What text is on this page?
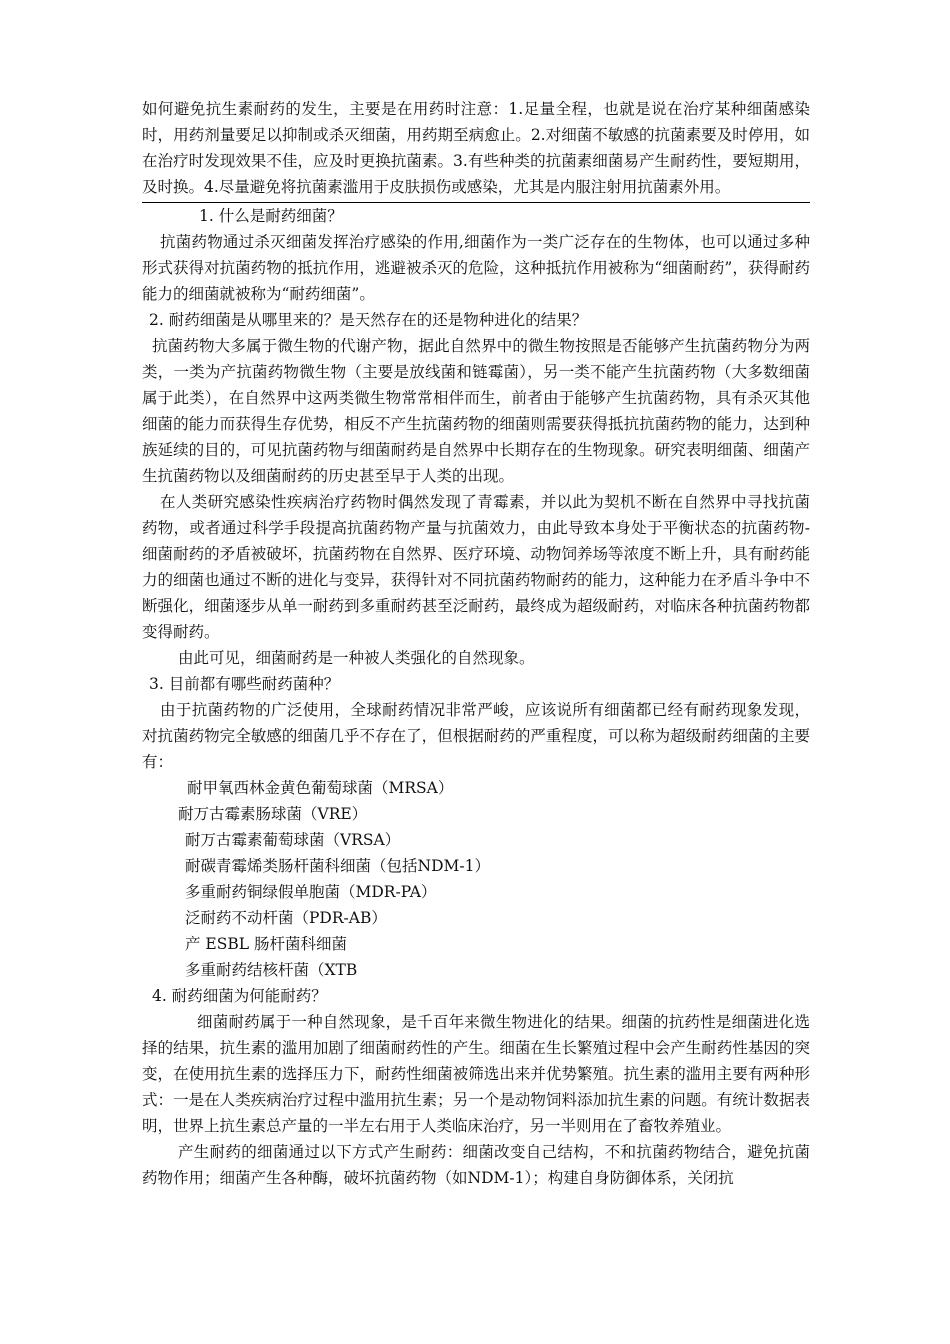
如何避免抗生素耐药的发生，主要是在用药时注意：1.足量全程，也就是说在治疗某种细菌感染时，用药剂量要足以抑制或杀灭细菌，用药期至病愈止。2.对细菌不敏感的抗菌素要及时停用，如在治疗时发现效果不佳，应及时更换抗菌素。3.有些种类的抗菌素细菌易产生耐药性，要短期用，及时换。4.尽量避免将抗菌素滥用于皮肤损伤或感染，尤其是内服注射用抗菌素外用。

1. 什么是耐药细菌？

抗菌药物通过杀灭细菌发挥治疗感染的作用,细菌作为一类广泛存在的生物体，也可以通过多种形式获得对抗菌药物的抵抗作用，逃避被杀灭的危险，这种抵抗作用被称为“细菌耐药”，获得耐药能力的细菌就被称为“耐药细菌”。

2. 耐药细菌是从哪里来的？是天然存在的还是物种进化的结果？

抗菌药物大多属于微生物的代谢产物，据此自然界中的微生物按照是否能够产生抗菌药物分为两类，一类为产抗菌药物微生物（主要是放线菌和链霉菌），另一类不能产生抗菌药物（大多数细菌属于此类），在自然界中这两类微生物常常相伴而生，前者由于能够产生抗菌药物，具有杀灭其他细菌的能力而获得生存优势，相反不产生抗菌药物的细菌则需要获得抵抗抗菌药物的能力，达到种族延续的目的，可见抗菌药物与细菌耐药是自然界中长期存在的生物现象。研究表明细菌、细菌产生抗菌药物以及细菌耐药的历史甚至早于人类的出现。

在人类研究感染性疾病治疗药物时偶然发现了青霉素，并以此为契机不断在自然界中寻找抗菌药物，或者通过科学手段提高抗菌药物产量与抗菌效力，由此导致本身处于平衡状态的抗菌药物-细菌耐药的矛盾被破坏，抗菌药物在自然界、医疗环境、动物饲养场等浓度不断上升，具有耐药能力的细菌也通过不断的进化与变异，获得针对不同抗菌药物耐药的能力，这种能力在矛盾斗争中不断强化，细菌逐步从单一耐药到多重耐药甚至泛耐药，最终成为超级耐药，对临床各种抗菌药物都变得耐药。

由此可见，细菌耐药是一种被人类强化的自然现象。

3. 目前都有哪些耐药菌种？

由于抗菌药物的广泛使用，全球耐药情况非常严峻，应该说所有细菌都已经有耐药现象发现，对抗菌药物完全敏感的细菌几乎不存在了，但根据耐药的严重程度，可以称为超级耐药细菌的主要有：

耐甲氧西林金黄色葡萄球菌（MRSA）

耐万古霉素肠球菌（VRE）

耐万古霉素葡萄球菌（VRSA）

耐碳青霉烯类肠杆菌科细菌（包括NDM-1）

多重耐药铜绿假单胞菌（MDR-PA）

泛耐药不动杆菌（PDR-AB）

产 ESBL 肠杆菌科细菌

多重耐药结核杆菌（XTB

4. 耐药细菌为何能耐药？

细菌耐药属于一种自然现象，是千百年来微生物进化的结果。细菌的抗药性是细菌进化选择的结果，抗生素的滥用加剧了细菌耐药性的产生。细菌在生长繁殖过程中会产生耐药性基因的突变，在使用抗生素的选择压力下，耐药性细菌被筛选出来并优势繁殖。抗生素的滥用主要有两种形式：一是在人类疾病治疗过程中滥用抗生素；另一个是动物饲料添加抗生素的问题。有统计数据表明，世界上抗生素总产量的一半左右用于人类临床治疗，另一半则用在了畜牧养殖业。

产生耐药的细菌通过以下方式产生耐药：细菌改变自己结构，不和抗菌药物结合，避免抗菌药物作用；细菌产生各种酶，破坏抗菌药物（如NDM-1）；构建自身防御体系，关闭抗
